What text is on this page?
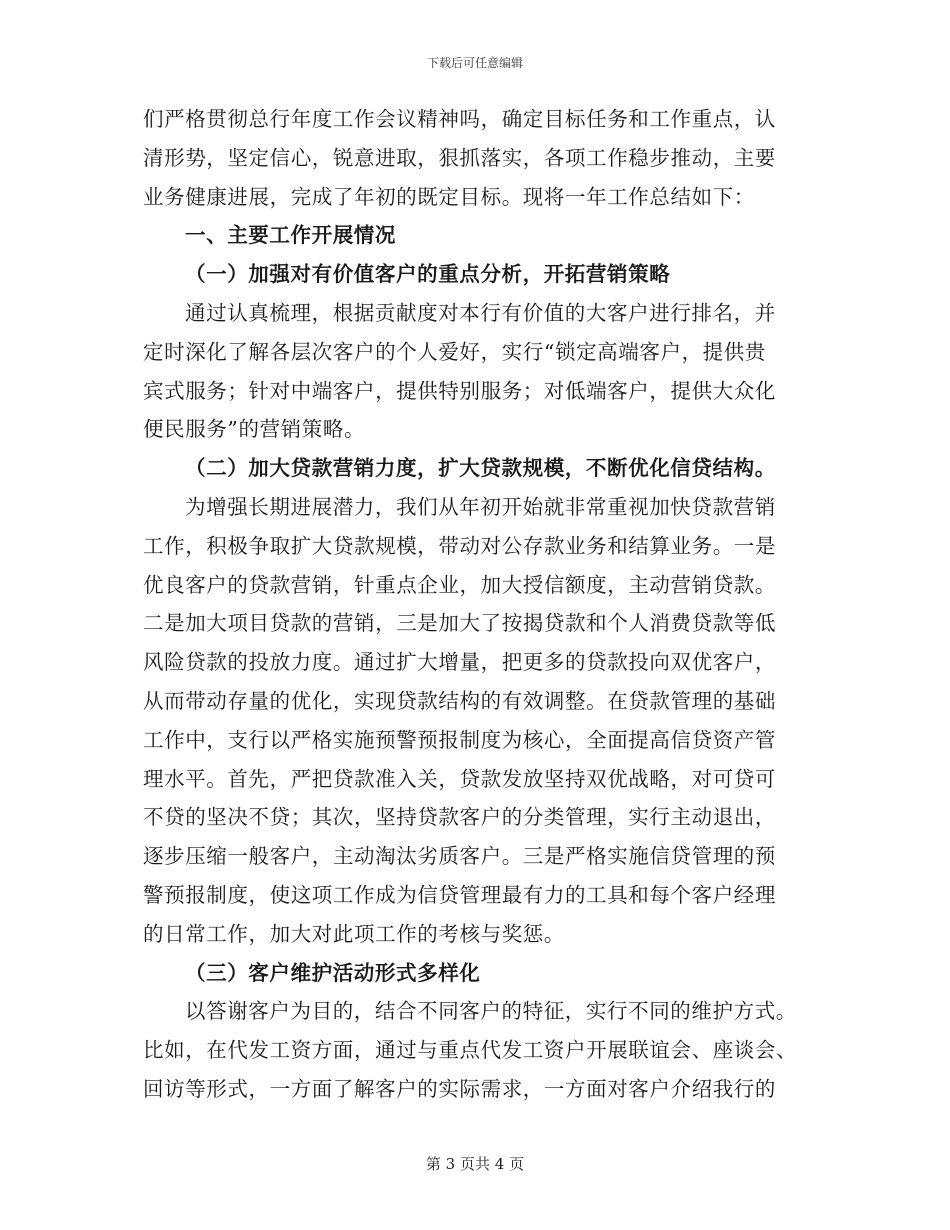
下载后可任意编辑
们严格贯彻总行年度工作会议精神吗，确定目标任务和工作重点，认
清形势，坚定信心，锐意进取，狠抓落实，各项工作稳步推动，主要
业务健康进展，完成了年初的既定目标。现将一年工作总结如下：
一、主要工作开展情况
（一）加强对有价值客户的重点分析，开拓营销策略
通过认真梳理，根据贡献度对本行有价值的大客户进行排名，并
定时深化了解各层次客户的个人爱好，实行“锁定高端客户，提供贵
宾式服务；针对中端客户，提供特别服务；对低端客户，提供大众化
便民服务”的营销策略。
（二）加大贷款营销力度，扩大贷款规模，不断优化信贷结构。
为增强长期进展潜力，我们从年初开始就非常重视加快贷款营销
工作，积极争取扩大贷款规模，带动对公存款业务和结算业务。一是
优良客户的贷款营销，针重点企业，加大授信额度，主动营销贷款。
二是加大项目贷款的营销，三是加大了按揭贷款和个人消费贷款等低
风险贷款的投放力度。通过扩大增量，把更多的贷款投向双优客户，
从而带动存量的优化，实现贷款结构的有效调整。在贷款管理的基础
工作中，支行以严格实施预警预报制度为核心，全面提高信贷资产管
理水平。首先，严把贷款准入关，贷款发放坚持双优战略，对可贷可
不贷的坚决不贷；其次，坚持贷款客户的分类管理，实行主动退出，
逐步压缩一般客户，主动淘汰劣质客户。三是严格实施信贷管理的预
警预报制度，使这项工作成为信贷管理最有力的工具和每个客户经理
的日常工作，加大对此项工作的考核与奖惩。
（三）客户维护活动形式多样化
以答谢客户为目的，结合不同客户的特征，实行不同的维护方式。
比如，在代发工资方面，通过与重点代发工资户开展联谊会、座谈会、
回访等形式，一方面了解客户的实际需求，一方面对客户介绍我行的
第 3 页共 4 页
